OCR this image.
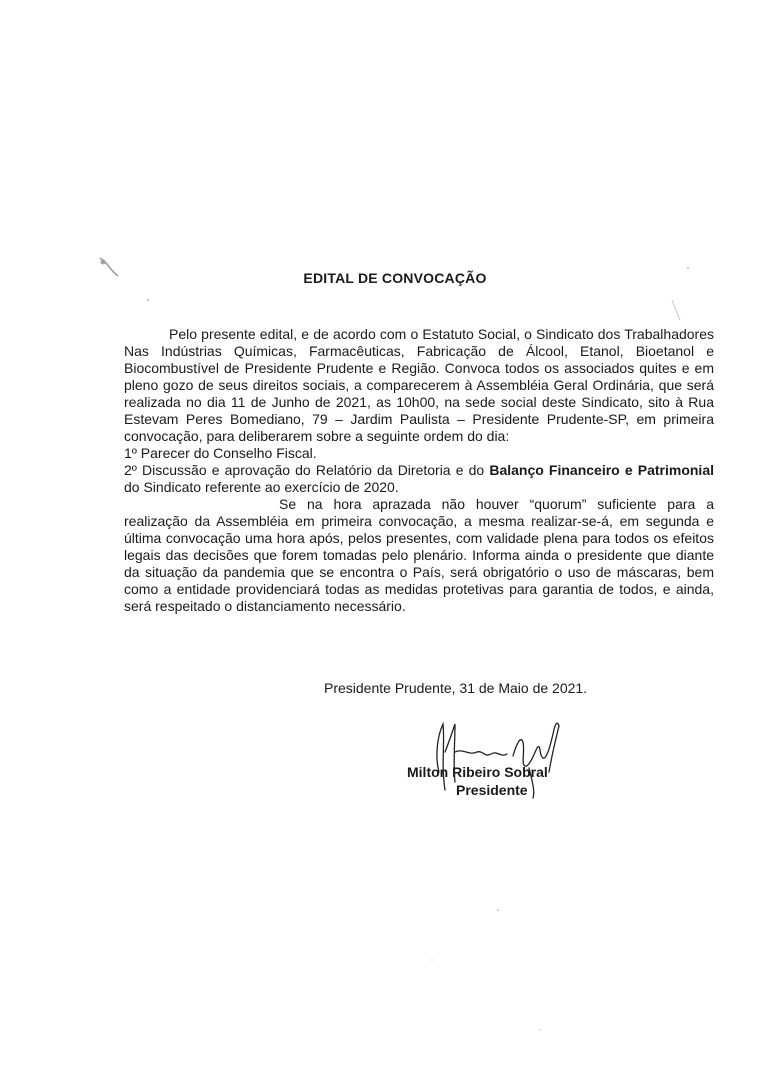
EDITAL DE CONVOCAÇÃO

Pelo presente edital, e de acordo com o Estatuto Social, o Sindicato dos Trabalhadores Nas Indústrias Químicas, Farmacêuticas, Fabricação de Álcool, Etanol, Bioetanol e Biocombustível de Presidente Prudente e Região. Convoca todos os associados quites e em pleno gozo de seus direitos sociais, a comparecerem à Assembléia Geral Ordinária, que será realizada no dia 11 de Junho de 2021, as 10h00, na sede social deste Sindicato, sito à Rua Estevam Peres Bomediano, 79 – Jardim Paulista – Presidente Prudente-SP, em primeira convocação, para deliberarem sobre a seguinte ordem do dia:

1º Parecer do Conselho Fiscal.

2º Discussão e aprovação do Relatório da Diretoria e do Balanço Financeiro e Patrimonial do Sindicato referente ao exercício de 2020.

Se na hora aprazada não houver “quorum” suficiente para a realização da Assembléia em primeira convocação, a mesma realizar-se-á, em segunda e última convocação uma hora após, pelos presentes, com validade plena para todos os efeitos legais das decisões que forem tomadas pelo plenário. Informa ainda o presidente que diante da situação da pandemia que se encontra o País, será obrigatório o uso de máscaras, bem como a entidade providenciará todas as medidas protetivas para garantia de todos, e ainda, será respeitado o distanciamento necessário.

Presidente Prudente, 31 de Maio de 2021.
Milton Ribeiro Sobral
Presidente
